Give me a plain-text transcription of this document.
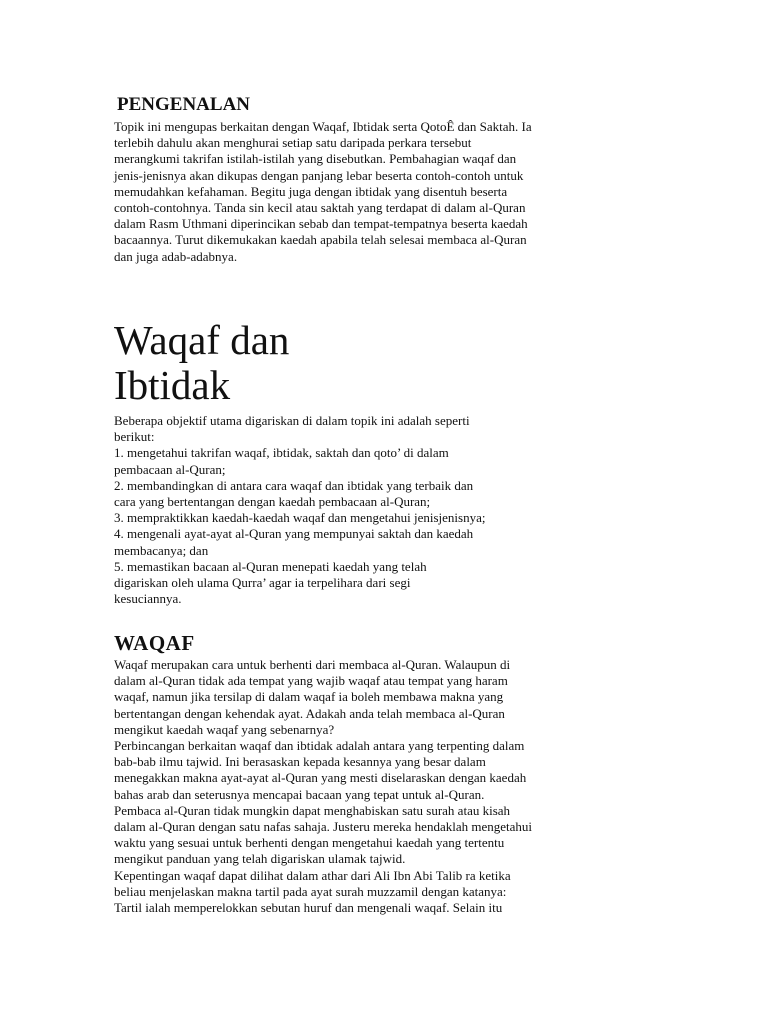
PENGENALAN

Topik ini mengupas berkaitan dengan Waqaf, Ibtidak serta QotoÊ dan Saktah. Ia
terlebih dahulu akan menghurai setiap satu daripada perkara tersebut
merangkumi takrifan istilah-istilah yang disebutkan. Pembahagian waqaf dan
jenis-jenisnya akan dikupas dengan panjang lebar beserta contoh-contoh untuk
memudahkan kefahaman. Begitu juga dengan ibtidak yang disentuh beserta
contoh-contohnya. Tanda sin kecil atau saktah yang terdapat di dalam al-Quran
dalam Rasm Uthmani diperincikan sebab dan tempat-tempatnya beserta kaedah
bacaannya. Turut dikemukakan kaedah apabila telah selesai membaca al-Quran
dan juga adab-adabnya.

Waqaf dan
Ibtidak

Beberapa objektif utama digariskan di dalam topik ini adalah seperti
berikut:
1. mengetahui takrifan waqaf, ibtidak, saktah dan qoto’ di dalam
pembacaan al-Quran;
2. membandingkan di antara cara waqaf dan ibtidak yang terbaik dan
cara yang bertentangan dengan kaedah pembacaan al-Quran;
3. mempraktikkan kaedah-kaedah waqaf dan mengetahui jenisjenisnya;
4. mengenali ayat-ayat al-Quran yang mempunyai saktah dan kaedah
membacanya; dan
5. memastikan bacaan al-Quran menepati kaedah yang telah
digariskan oleh ulama Qurra’ agar ia terpelihara dari segi
kesuciannya.

WAQAF

Waqaf merupakan cara untuk berhenti dari membaca al-Quran. Walaupun di
dalam al-Quran tidak ada tempat yang wajib waqaf atau tempat yang haram
waqaf, namun jika tersilap di dalam waqaf ia boleh membawa makna yang
bertentangan dengan kehendak ayat. Adakah anda telah membaca al-Quran
mengikut kaedah waqaf yang sebenarnya?
Perbincangan berkaitan waqaf dan ibtidak adalah antara yang terpenting dalam
bab-bab ilmu tajwid. Ini berasaskan kepada kesannya yang besar dalam
menegakkan makna ayat-ayat al-Quran yang mesti diselaraskan dengan kaedah
bahas arab dan seterusnya mencapai bacaan yang tepat untuk al-Quran.
Pembaca al-Quran tidak mungkin dapat menghabiskan satu surah atau kisah
dalam al-Quran dengan satu nafas sahaja. Justeru mereka hendaklah mengetahui
waktu yang sesuai untuk berhenti dengan mengetahui kaedah yang tertentu
mengikut panduan yang telah digariskan ulamak tajwid.
Kepentingan waqaf dapat dilihat dalam athar dari Ali Ibn Abi Talib ra ketika
beliau menjelaskan makna tartil pada ayat surah muzzamil dengan katanya:
Tartil ialah memperelokkan sebutan huruf dan mengenali waqaf. Selain itu
